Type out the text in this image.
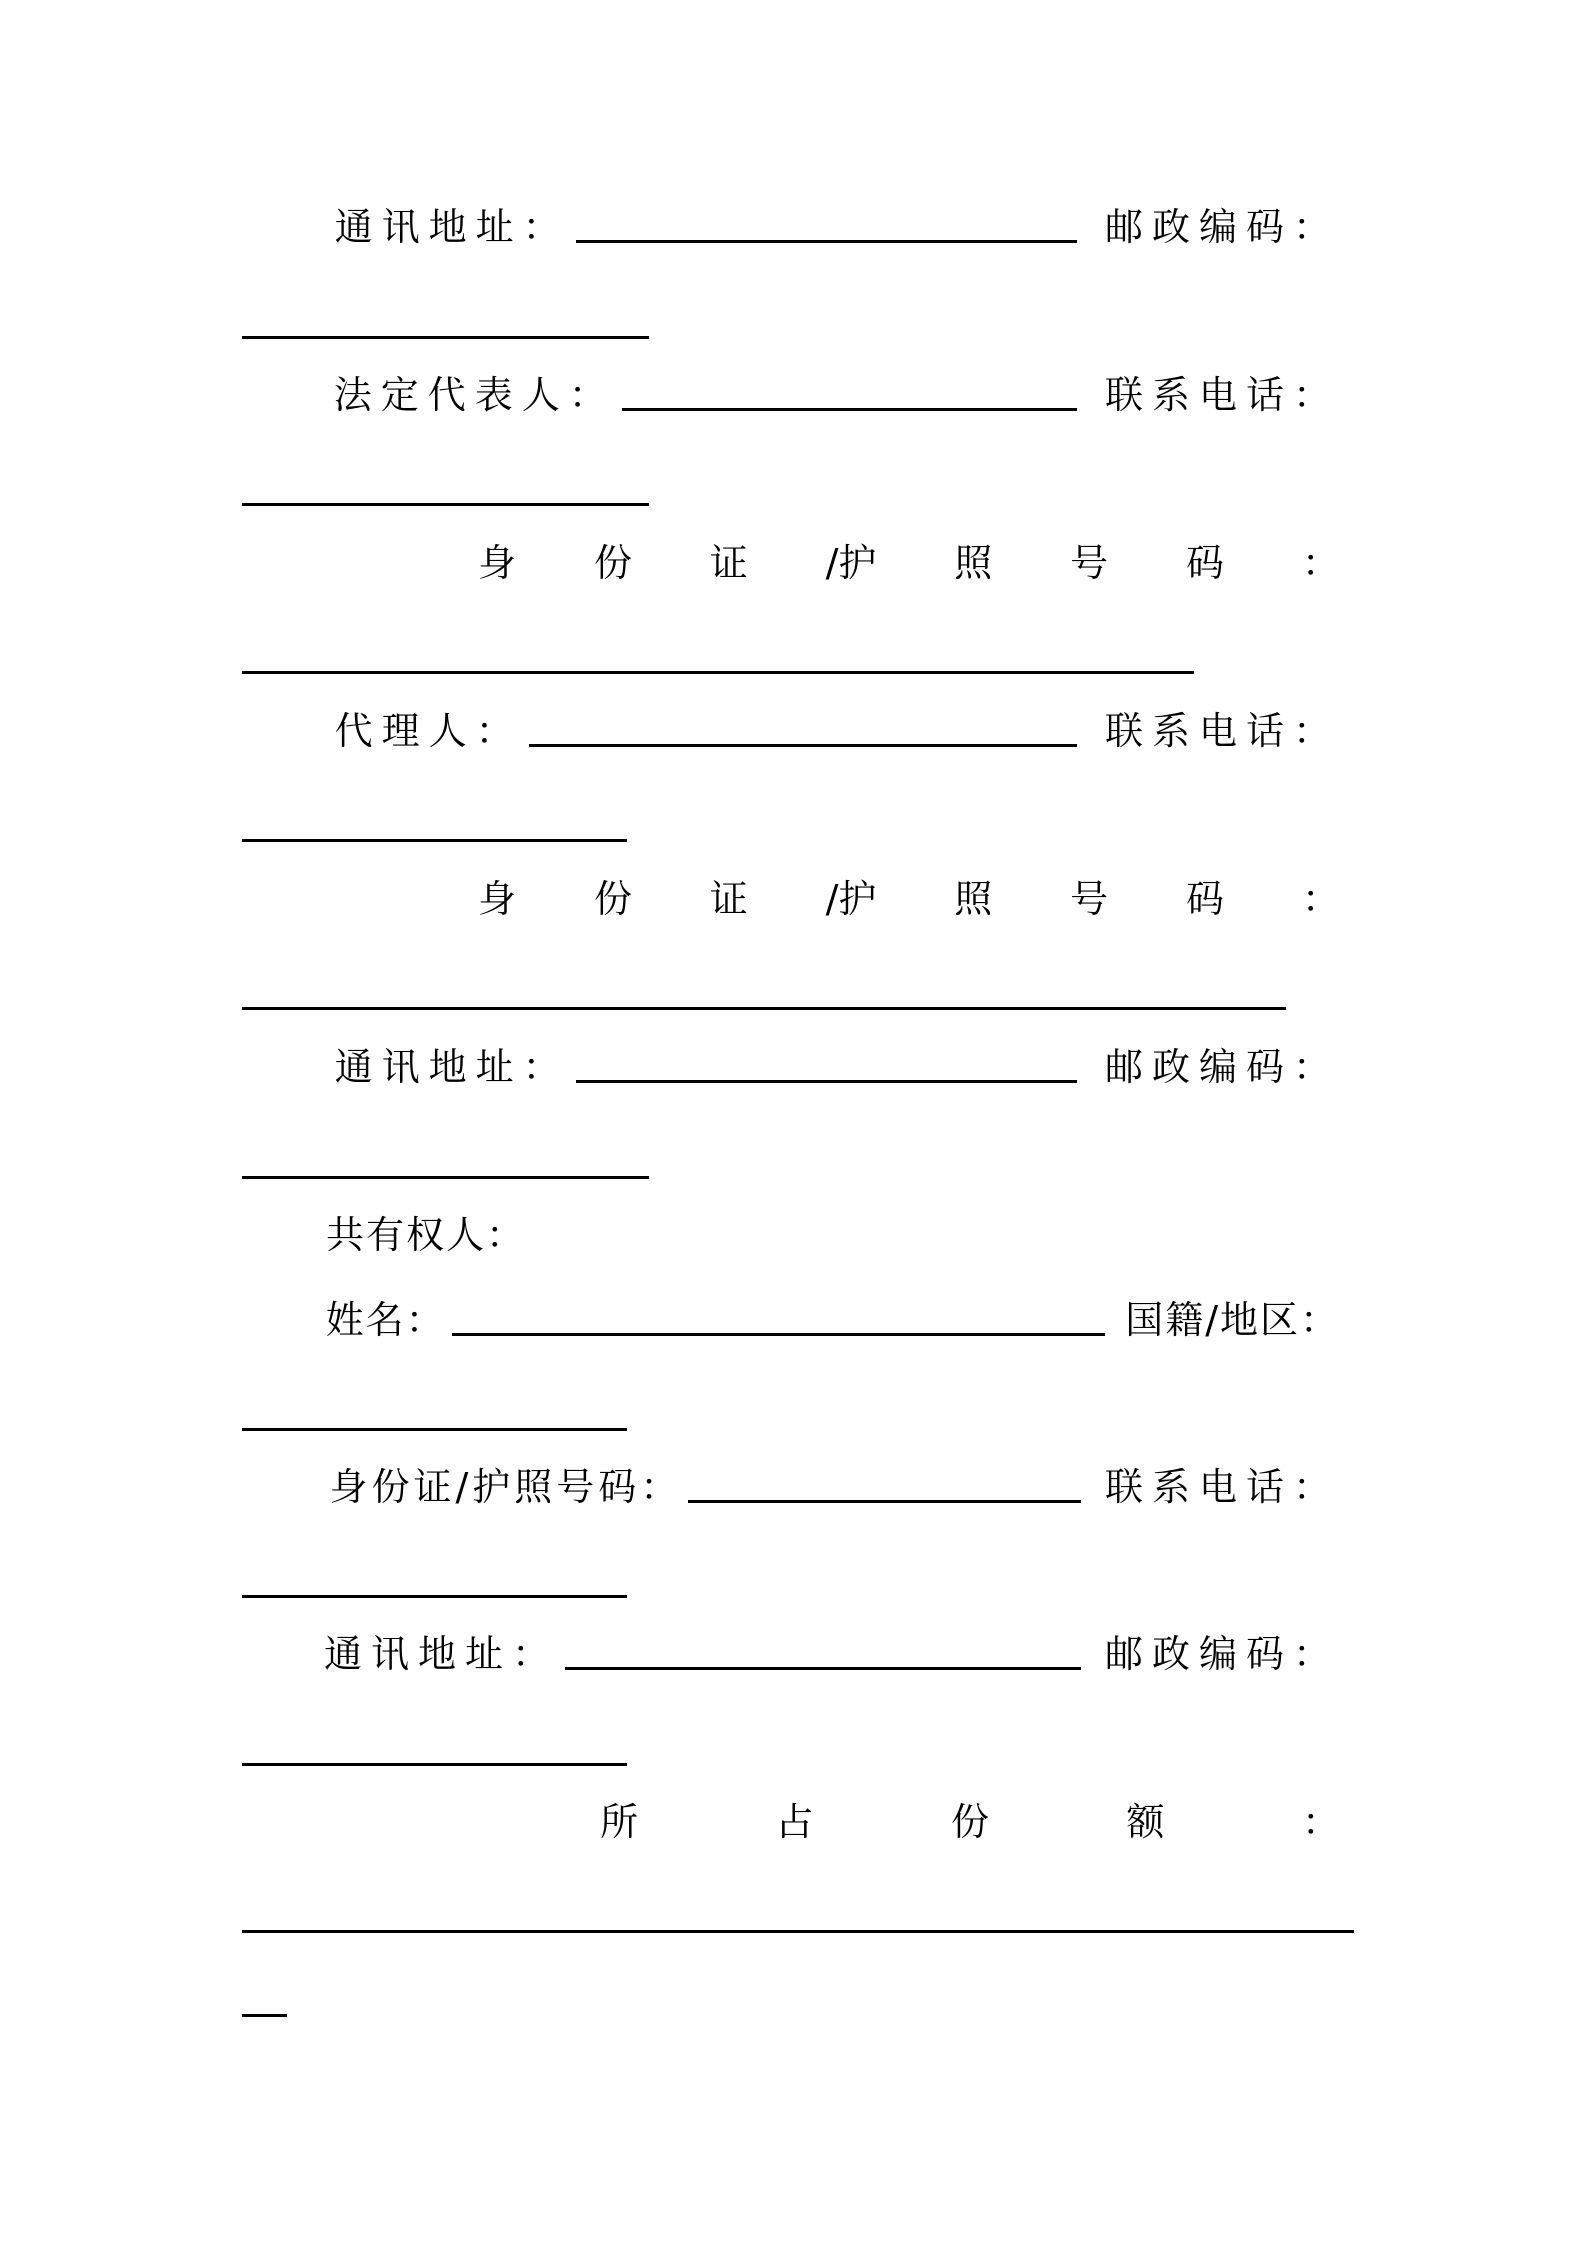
通讯地址：	邮政编码：
法定代表人：	联系电话：
身 份 证 /护 照 号 码 ：
代理人：	联系电话：
身 份 证 /护 照 号 码 ：
通讯地址：	邮政编码：
共有权人：
姓名：	国籍/地区：
身份证/护照号码：	联系电话：
通讯地址：	邮政编码：
所	占	份	额	：
